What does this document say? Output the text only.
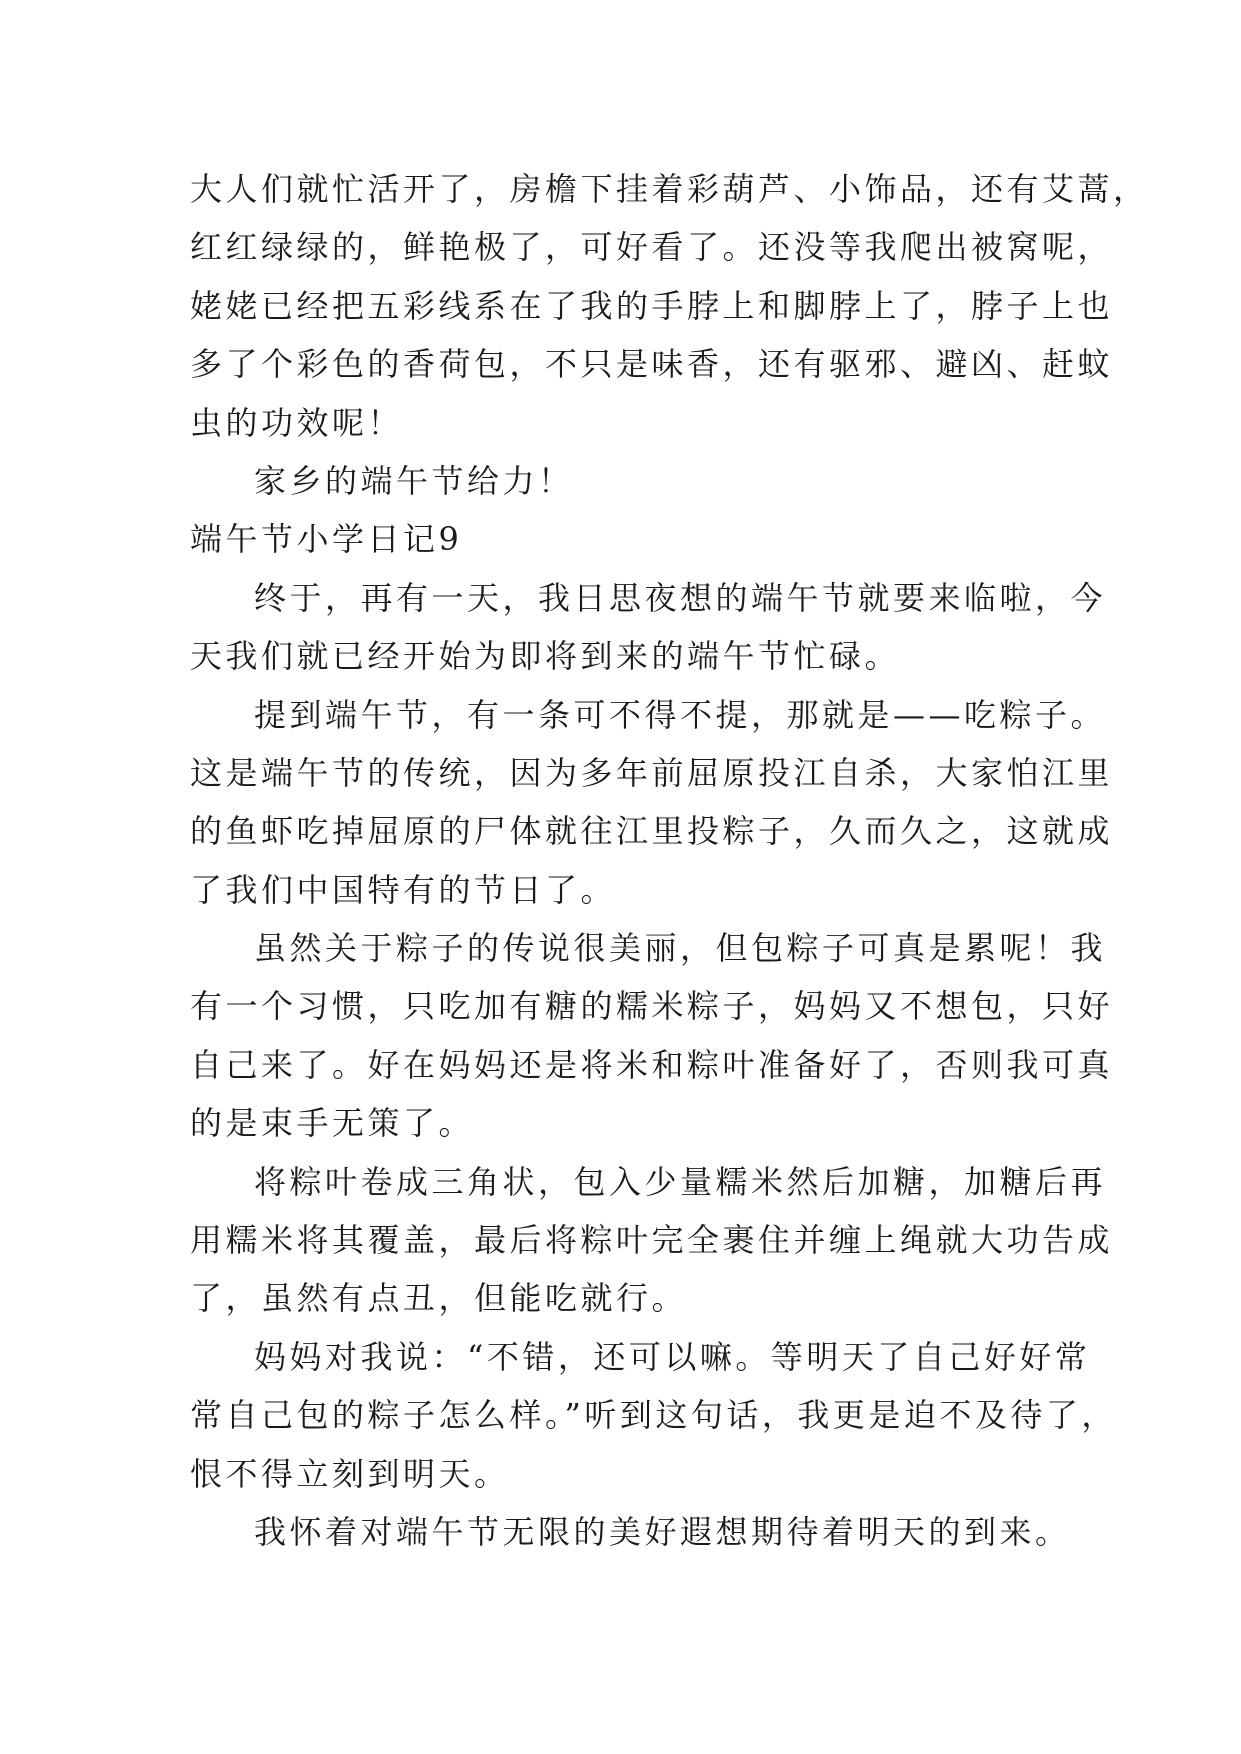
大人们就忙活开了，房檐下挂着彩葫芦、小饰品，还有艾蒿，
红红绿绿的，鲜艳极了，可好看了。还没等我爬出被窝呢，
姥姥已经把五彩线系在了我的手脖上和脚脖上了，脖子上也
多了个彩色的香荷包，不只是味香，还有驱邪、避凶、赶蚊
虫的功效呢！
家乡的端午节给力！
端午节小学日记9
终于，再有一天，我日思夜想的端午节就要来临啦，今
天我们就已经开始为即将到来的端午节忙碌。
提到端午节，有一条可不得不提，那就是——吃粽子。
这是端午节的传统，因为多年前屈原投江自杀，大家怕江里
的鱼虾吃掉屈原的尸体就往江里投粽子，久而久之，这就成
了我们中国特有的节日了。
虽然关于粽子的传说很美丽，但包粽子可真是累呢！我
有一个习惯，只吃加有糖的糯米粽子，妈妈又不想包，只好
自己来了。好在妈妈还是将米和粽叶准备好了，否则我可真
的是束手无策了。
将粽叶卷成三角状，包入少量糯米然后加糖，加糖后再
用糯米将其覆盖，最后将粽叶完全裹住并缠上绳就大功告成
了，虽然有点丑，但能吃就行。
妈妈对我说：“不错，还可以嘛。等明天了自己好好常
常自己包的粽子怎么样。”听到这句话，我更是迫不及待了，
恨不得立刻到明天。
我怀着对端午节无限的美好遐想期待着明天的到来。
